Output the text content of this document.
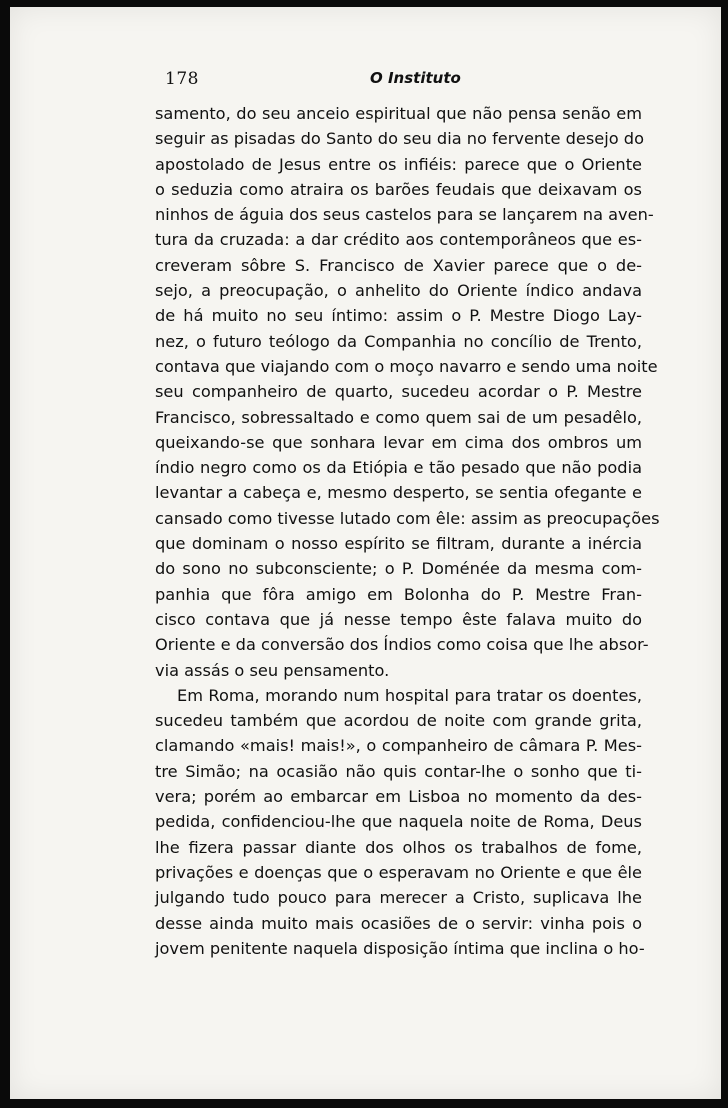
178	O Instituto
samento, do seu anceio espiritual que não pensa senão em
seguir as pisadas do Santo do seu dia no fervente desejo do
apostolado de Jesus entre os infiéis: parece que o Oriente
o seduzia como atraira os barões feudais que deixavam os
ninhos de águia dos seus castelos para se lançarem na aven-
tura da cruzada: a dar crédito aos contemporâneos que es-
creveram sôbre S. Francisco de Xavier parece que o de-
sejo, a preocupação, o anhelito do Oriente índico andava
de há muito no seu íntimo: assim o P. Mestre Diogo Lay-
nez, o futuro teólogo da Companhia no concílio de Trento,
contava que viajando com o moço navarro e sendo uma noite
seu companheiro de quarto, sucedeu acordar o P. Mestre
Francisco, sobressaltado e como quem sai de um pesadêlo,
queixando-se que sonhara levar em cima dos ombros um
índio negro como os da Etiópia e tão pesado que não podia
levantar a cabeça e, mesmo desperto, se sentia ofegante e
cansado como tivesse lutado com êle: assim as preocupações
que dominam o nosso espírito se filtram, durante a inércia
do sono no subconsciente; o P. Doménée da mesma com-
panhia que fôra amigo em Bolonha do P. Mestre Fran-
cisco contava que já nesse tempo êste falava muito do
Oriente e da conversão dos Índios como coisa que lhe absor-
via assás o seu pensamento.
Em Roma, morando num hospital para tratar os doentes,
sucedeu também que acordou de noite com grande grita,
clamando «mais! mais!», o companheiro de câmara P. Mes-
tre Simão; na ocasião não quis contar-lhe o sonho que ti-
vera; porém ao embarcar em Lisboa no momento da des-
pedida, confidenciou-lhe que naquela noite de Roma, Deus
lhe fizera passar diante dos olhos os trabalhos de fome,
privações e doenças que o esperavam no Oriente e que êle
julgando tudo pouco para merecer a Cristo, suplicava lhe
desse ainda muito mais ocasiões de o servir: vinha pois o
jovem penitente naquela disposição íntima que inclina o ho-
